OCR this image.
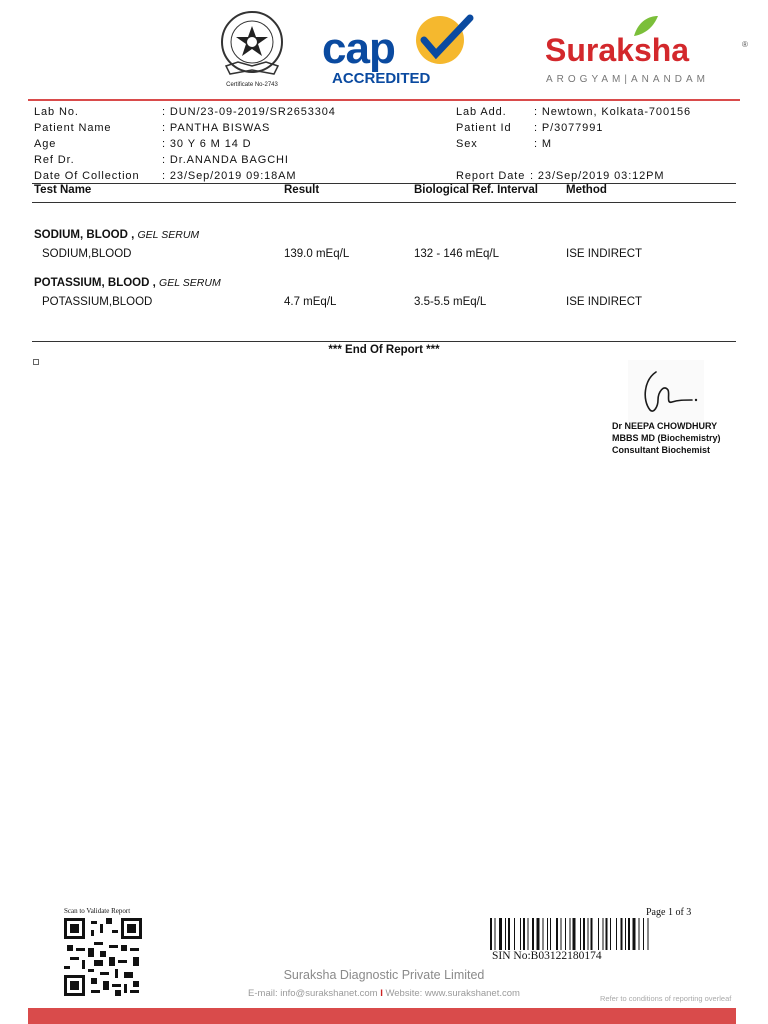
Certificate No-2743
cap
ACCREDITED
Suraksha	®
AROGYAM|ANANDAM
Lab No.	: DUN/23-09-2019/SR2653304
Patient Name	: PANTHA BISWAS
Age	: 30 Y 6 M 14 D
Ref Dr.	: Dr.ANANDA BAGCHI
Date Of Collection : 23/Sep/2019 09:18AM
Lab Add. : Newtown, Kolkata-700156
Patient Id : P/3077991
Sex	: M
Report Date : 23/Sep/2019 03:12PM
Test Name	Result	Biological Ref. Interval Method
SODIUM, BLOOD , GEL SERUM
SODIUM,BLOOD	139.0 mEq/L	132 - 146 mEq/L	ISE INDIRECT
POTASSIUM, BLOOD , GEL SERUM
POTASSIUM,BLOOD	4.7 mEq/L	3.5-5.5 mEq/L	ISE INDIRECT
*** End Of Report ***
Dr NEEPA CHOWDHURY
MBBS MD (Biochemistry)
Consultant Biochemist
Scan to Validate Report	Page 1 of 3
SIN No:B03122180174
Suraksha Diagnostic Private Limited
E-mail: info@surakshanet.com I Website: www.surakshanet.com	Refer to conditions of reporting overleaf
